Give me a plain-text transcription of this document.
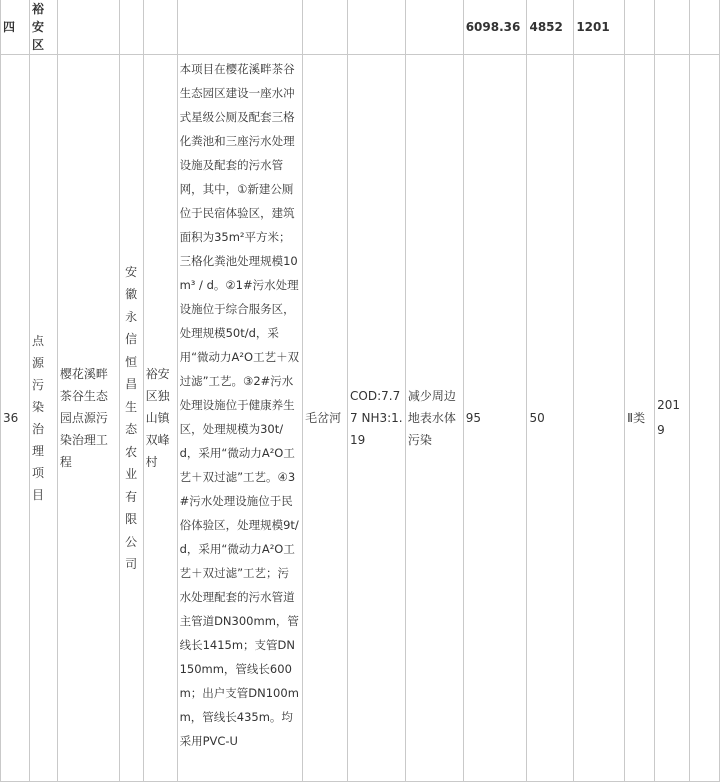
四	裕安区								6098.36	4852	1201			
36	点源污染治理项目	樱花溪畔茶谷生态园点源污染治理工程	安徽永信恒昌生态农业有限公司	裕安区独山镇双峰村	本项目在樱花溪畔茶谷生态园区建设一座水冲式星级公厕及配套三格化粪池和三座污水处理设施及配套的污水管网，其中，①新建公厕位于民宿体验区，建筑面积为35m²平方米；三格化粪池处理规模10m³ / d。②1#污水处理设施位于综合服务区，处理规模50t/d，采用“微动力A²O工艺＋双过滤”工艺。③2#污水处理设施位于健康养生区，处理规模为30t/d，采用“微动力A²O工艺＋双过滤”工艺。④3#污水处理设施位于民俗体验区，处理规模9t/d，采用“微动力A²O工艺＋双过滤”工艺；污水处理配套的污水管道主管道DN300mm，管线长1415m；支管DN150mm，管线长600m；出户支管DN100mm，管线长435m。均采用PVC-U	毛岔河	COD:7.77 NH3:1.19	减少周边地表水体污染	95	50		Ⅱ类	2019	
